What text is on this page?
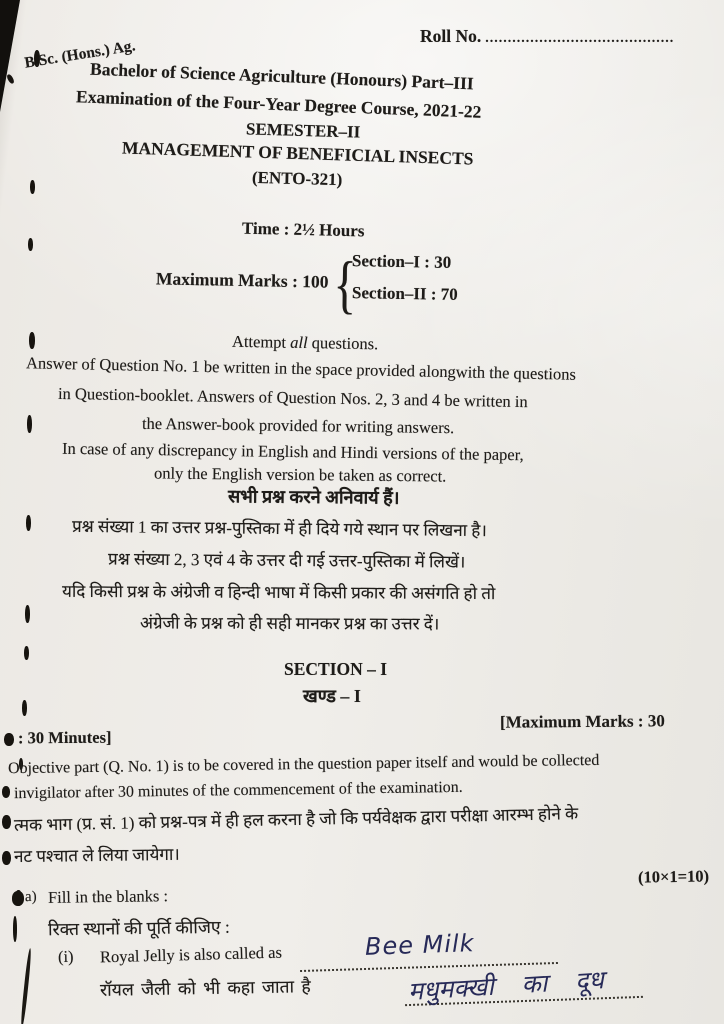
Roll No. ..........................................
B.Sc. (Hons.) Ag.
Bachelor of Science Agriculture (Honours) Part–III
Examination of the Four-Year Degree Course, 2021-22
SEMESTER–II
MANAGEMENT OF BENEFICIAL INSECTS
(ENTO-321)
Time : 2½ Hours
Maximum Marks : 100 {
Section–I : 30
Section–II : 70
Attempt all questions.
Answer of Question No. 1 be written in the space provided alongwith the questions
in Question-booklet. Answers of Question Nos. 2, 3 and 4 be written in
the Answer-book provided for writing answers.
In case of any discrepancy in English and Hindi versions of the paper,
only the English version be taken as correct.
सभी प्रश्न करने अनिवार्य हैं।
प्रश्न संख्या 1 का उत्तर प्रश्न-पुस्तिका में ही दिये गये स्थान पर लिखना है।
प्रश्न संख्या 2, 3 एवं 4 के उत्तर दी गई उत्तर-पुस्तिका में लिखें।
यदि किसी प्रश्न के अंग्रेजी व हिन्दी भाषा में किसी प्रकार की असंगति हो तो
अंग्रेजी के प्रश्न को ही सही मानकर प्रश्न का उत्तर दें।
SECTION – I
खण्ड – I
[Maximum Marks : 30
: 30 Minutes]
Objective part (Q. No. 1) is to be covered in the question paper itself and would be collected
invigilator after 30 minutes of the commencement of the examination.
त्मक भाग (प्र. सं. 1) को प्रश्न-पत्र में ही हल करना है जो कि पर्यवेक्षक द्वारा परीक्षा आरम्भ होने के
नट पश्चात ले लिया जायेगा।
(10×1=10)
a) Fill in the blanks :
रिक्त स्थानों की पूर्ति कीजिए :
(i) Royal Jelly is also called as	Bee Milk
रॉयल जैली को भी कहा जाता है	मधुमक्खी का दूध
